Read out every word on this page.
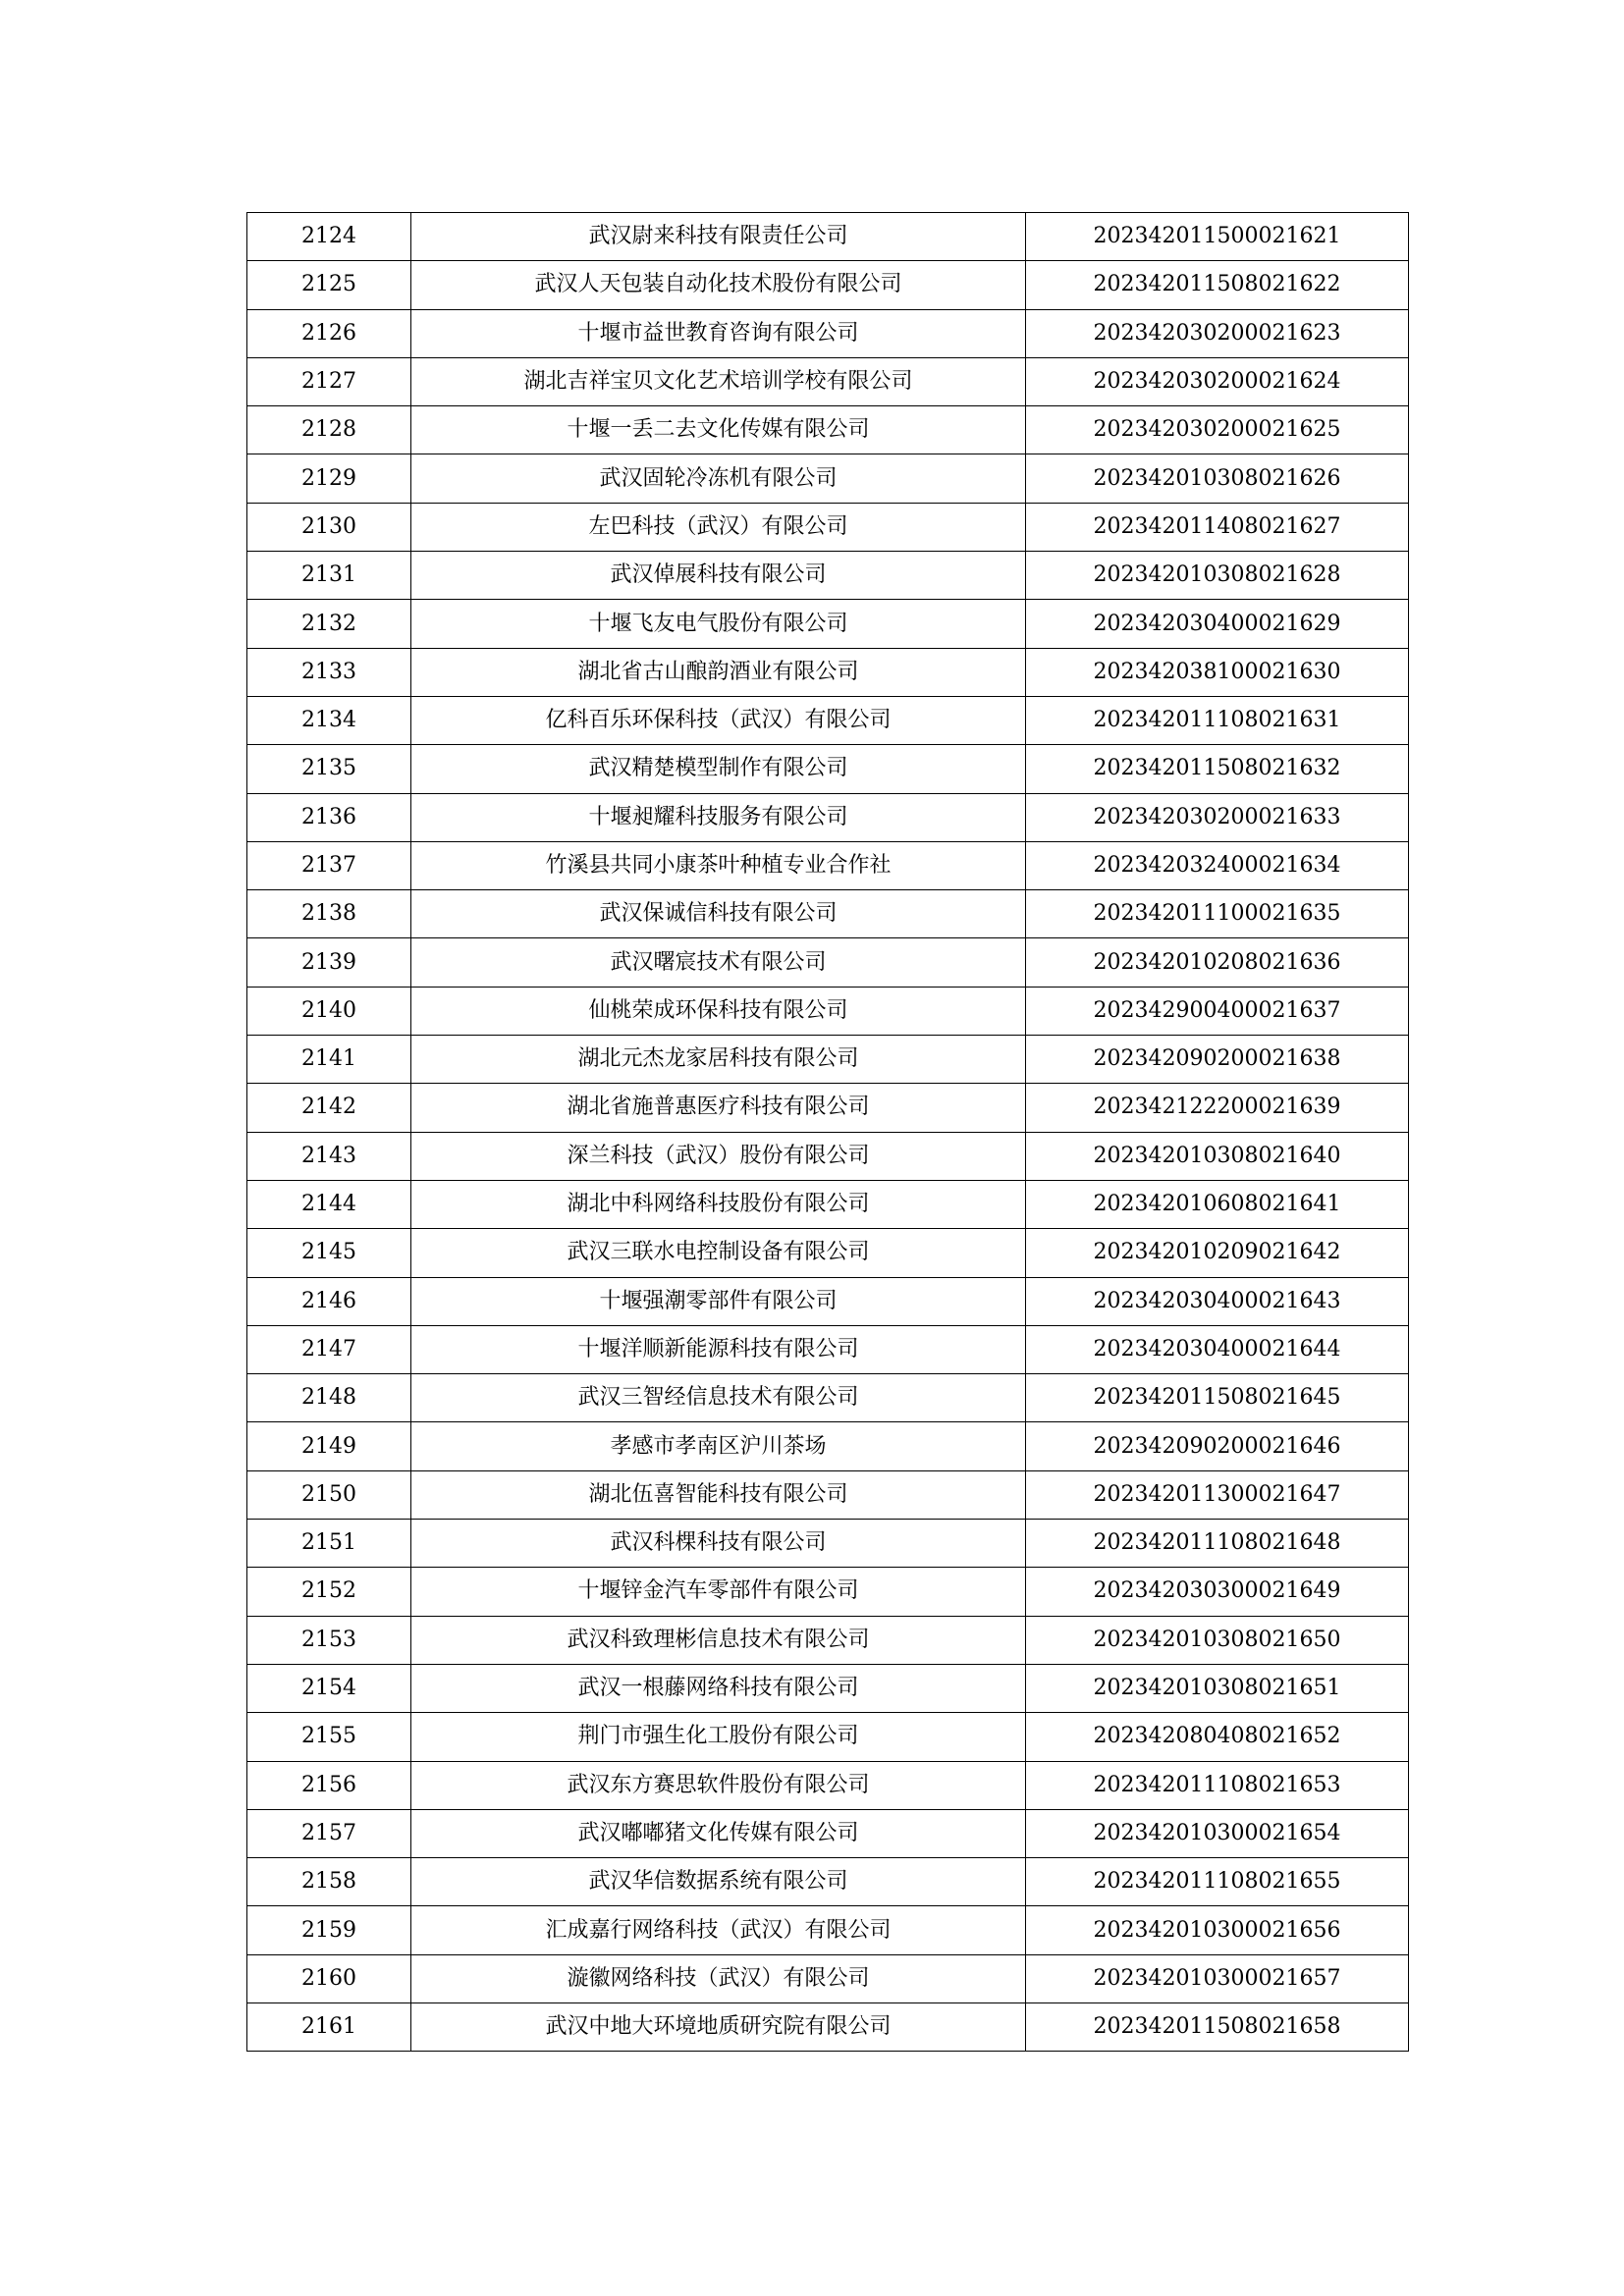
2124	武汉尉来科技有限责任公司	202342011500021621
2125	武汉人天包装自动化技术股份有限公司	202342011508021622
2126	十堰市益世教育咨询有限公司	202342030200021623
2127	湖北吉祥宝贝文化艺术培训学校有限公司	202342030200021624
2128	十堰一丢二去文化传媒有限公司	202342030200021625
2129	武汉固轮冷冻机有限公司	202342010308021626
2130	左巴科技（武汉）有限公司	202342011408021627
2131	武汉倬展科技有限公司	202342010308021628
2132	十堰飞友电气股份有限公司	202342030400021629
2133	湖北省古山酿韵酒业有限公司	202342038100021630
2134	亿科百乐环保科技（武汉）有限公司	202342011108021631
2135	武汉精楚模型制作有限公司	202342011508021632
2136	十堰昶耀科技服务有限公司	202342030200021633
2137	竹溪县共同小康茶叶种植专业合作社	202342032400021634
2138	武汉保诚信科技有限公司	202342011100021635
2139	武汉曙宸技术有限公司	202342010208021636
2140	仙桃荣成环保科技有限公司	202342900400021637
2141	湖北元杰龙家居科技有限公司	202342090200021638
2142	湖北省施普惠医疗科技有限公司	202342122200021639
2143	深兰科技（武汉）股份有限公司	202342010308021640
2144	湖北中科网络科技股份有限公司	202342010608021641
2145	武汉三联水电控制设备有限公司	202342010209021642
2146	十堰强潮零部件有限公司	202342030400021643
2147	十堰洋顺新能源科技有限公司	202342030400021644
2148	武汉三智经信息技术有限公司	202342011508021645
2149	孝感市孝南区沪川茶场	202342090200021646
2150	湖北伍喜智能科技有限公司	202342011300021647
2151	武汉科棵科技有限公司	202342011108021648
2152	十堰锌金汽车零部件有限公司	202342030300021649
2153	武汉科致理彬信息技术有限公司	202342010308021650
2154	武汉一根藤网络科技有限公司	202342010308021651
2155	荆门市强生化工股份有限公司	202342080408021652
2156	武汉东方赛思软件股份有限公司	202342011108021653
2157	武汉嘟嘟猪文化传媒有限公司	202342010300021654
2158	武汉华信数据系统有限公司	202342011108021655
2159	汇成嘉行网络科技（武汉）有限公司	202342010300021656
2160	漩徽网络科技（武汉）有限公司	202342010300021657
2161	武汉中地大环境地质研究院有限公司	202342011508021658
